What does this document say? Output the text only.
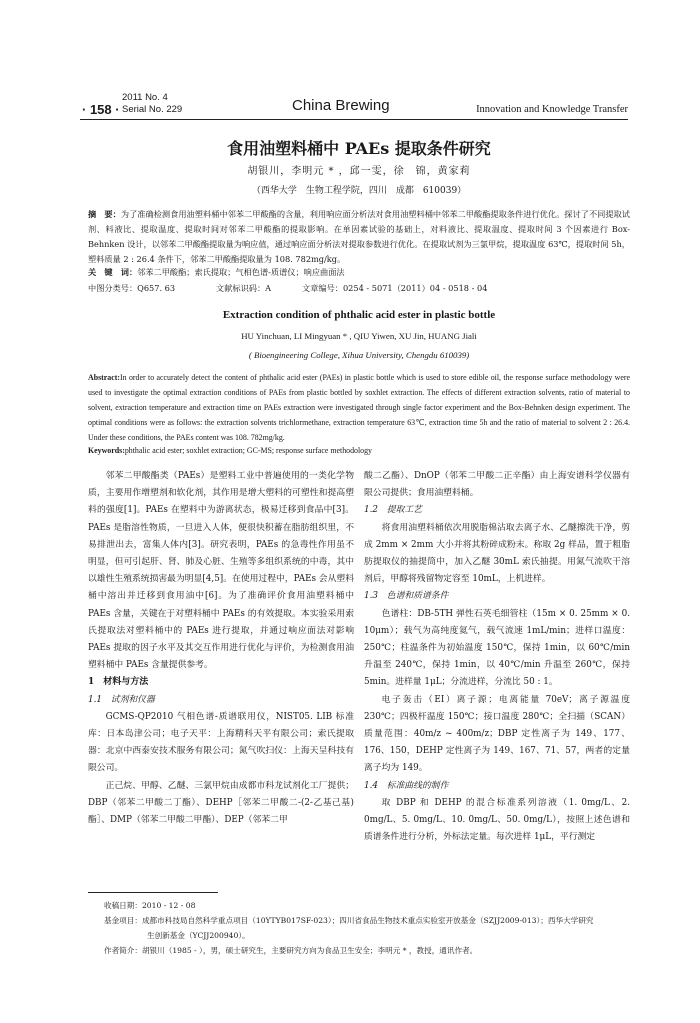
· 158 ·
2011 No. 4
Serial No. 229	China Brewing	Innovation and Knowledge Transfer
食用油塑料桶中 PAEs 提取条件研究
胡银川，李明元 * ，邱一雯，徐　锦，黄家莉
（西华大学　生物工程学院，四川　成都　610039）
摘　要：为了准确检测食用油塑料桶中邻苯二甲酸酯的含量，利用响应面分析法对食用油塑料桶中邻苯二甲酸酯提取条件进行优化。探讨了不同提取试剂、料液比、提取温度、提取时间对邻苯二甲酸酯的提取影响。在单因素试验的基础上，对料液比、提取温度、提取时间 3 个因素进行 Box-Behnken 设计，以邻苯二甲酸酯提取量为响应值，通过响应面分析法对提取参数进行优化。在提取试剂为三氯甲烷，提取温度 63℃，提取时间 5h，塑料质量 2 : 26.4 条件下，邻苯二甲酸酯提取量为 108. 782mg/kg。
关　键　词：邻苯二甲酸酯；索氏提取；气相色谱-质谱仪；响应曲面法
中图分类号：Q657. 63	文献标识码：A	文章编号：0254 - 5071（2011）04 - 0518 - 04
Extraction condition of phthalic acid ester in plastic bottle
HU Yinchuan, LI Mingyuan * , QIU Yiwen, XU Jin, HUANG Jiali
( Bioengineering College, Xihua University, Chengdu 610039)
Abstract:In order to accurately detect the content of phthalic acid ester (PAEs) in plastic bottle which is used to store edible oil, the response surface methodology were used to investigate the optimal extraction conditions of PAEs from plastic bottled by soxhlet extraction. The effects of different extraction solvents, ratio of material to solvent, extraction temperature and extraction time on PAEs extraction were investigated through single factor experiment and the Box-Behnken design experiment. The optimal conditions were as follows: the extraction solvents trichlormethane, extraction temperature 63℃, extraction time 5h and the ratio of material to solvent 2 : 26.4. Under these conditions, the PAEs content was 108. 782mg/kg.
Keywords:phthalic acid ester; soxhlet extraction; GC-MS; response surface methodology

邻苯二甲酸酯类（PAEs）是塑料工业中普遍使用的一类化学物质，主要用作增塑剂和软化剂，其作用是增大塑料的可塑性和提高塑料的强度[1]。PAEs 在塑料中为游离状态，极易迁移到食品中[3]。PAEs 是脂溶性物质，一旦进入人体，便很快积蓄在脂肪组织里，不易排泄出去，富集人体内[3]。研究表明，PAEs 的急毒性作用虽不明显，但可引起肝、肾、肺及心脏、生殖等多组织系统的中毒，其中以雄性生殖系统损害最为明显[4,5]。在使用过程中，PAEs 会从塑料桶中溶出并迁移到食用油中[6]。为了准确评价食用油塑料桶中 PAEs 含量，关键在于对塑料桶中 PAEs 的有效提取。本实验采用索氏提取法对塑料桶中的 PAEs 进行提取，并通过响应面法对影响 PAEs 提取的因子水平及其交互作用进行优化与评价，为检测食用油塑料桶中 PAEs 含量提供参考。

1　材料与方法
1.1　试剂和仪器

GCMS-QP2010 气相色谱-质谱联用仪，NIST05. LIB 标准库：日本岛津公司；电子天平：上海精科天平有限公司；索氏提取器：北京中西泰安技术服务有限公司；氮气吹扫仪：上海天呈科技有限公司。

正己烷、甲醇、乙醚、三氯甲烷由成都市科龙试剂化工厂提供；DBP（邻苯二甲酸二丁酯）、DEHP［邻苯二甲酸二-(2-乙基己基)酯］、DMP（邻苯二甲酸二甲酯）、DEP（邻苯二甲

酸二乙酯）、DnOP（邻苯二甲酸二正辛酯）由上海安谱科学仪器有限公司提供；食用油塑料桶。

1.2　提取工艺

将食用油塑料桶依次用脱脂棉沾取去离子水、乙醚擦洗干净，剪成 2mm × 2mm 大小并将其粉碎成粉末。称取 2g 样品，置于粗脂肪提取仪的抽提筒中，加入乙醚 30mL 索氏抽提。用氮气流吹干溶剂后，甲醇将残留物定容至 10mL，上机进样。

1.3　色谱和质谱条件

色谱柱：DB-5TH 弹性石英毛细管柱（15m × 0. 25mm × 0. 10μm）；载气为高纯度氦气，载气流速 1mL/min；进样口温度：250℃；柱温条件为初始温度 150℃，保持 1min，以 60℃/min 升温至 240℃，保持 1min，以 40℃/min 升温至 260℃，保持 5min。进样量 1μL；分流进样，分流比 50 : 1。

电子轰击（EI）离子源；电离能量 70eV；离子源温度 230℃；四极杆温度 150℃；接口温度 280℃；全扫描（SCAN）质量范围：40m/z ~ 400m/z；DBP 定性离子为 149、177、176、150，DEHP 定性离子为 149、167、71、57，两者的定量离子均为 149。

1.4　标准曲线的制作

取 DBP 和 DEHP 的混合标准系列溶液（1. 0mg/L、2. 0mg/L、5. 0mg/L、10. 0mg/L、50. 0mg/L），按照上述色谱和质谱条件进行分析，外标法定量。每次进样 1μL，平行测定

收稿日期：2010 - 12 - 08

基金项目：成都市科技局自然科学重点项目（10YTYB017SF-023）；四川省食品生物技术重点实验室开放基金（SZJJ2009-013）；西华大学研究

生创新基金（YCJJ200940）。

作者简介：胡银川（1985 - ），男，硕士研究生，主要研究方向为食品卫生安全；李明元 * ，教授，通讯作者。
